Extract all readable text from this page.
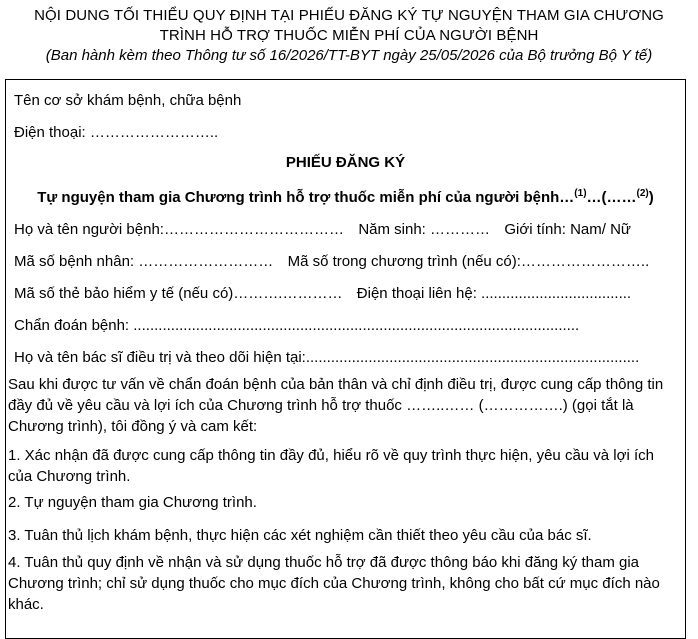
NỘI DUNG TỐI THIỂU QUY ĐỊNH TẠI PHIẾU ĐĂNG KÝ TỰ NGUYỆN THAM GIA CHƯƠNG
TRÌNH HỖ TRỢ THUỐC MIỄN PHÍ CỦA NGƯỜI BỆNH
(Ban hành kèm theo Thông tư số 16/2026/TT-BYT ngày 25/05/2026 của Bộ trưởng Bộ Y tế)
Tên cơ sở khám bệnh, chữa bệnh
Điện thoại: ……………………..
PHIẾU ĐĂNG KÝ
Tự nguyện tham gia Chương trình hỗ trợ thuốc miễn phí của người bệnh…$^{(1)}$…(……$^{(2)}$)
Họ và tên người bệnh:……………………………… Năm sinh: ………… Giới tính: Nam/ Nữ
Mã số bệnh nhân: ……………………… Mã số trong chương trình (nếu có):……………………..
Mã số thẻ bảo hiểm y tế (nếu có)……….………… Điện thoại liên hệ: ....................................
Chẩn đoán bệnh: ...........................................................................................................
Họ và tên bác sĩ điều trị và theo dõi hiện tại:................................................................................
Sau khi được tư vấn về chẩn đoán bệnh của bản thân và chỉ định điều trị, được cung cấp thông tin đầy đủ về yêu cầu và lợi ích của Chương trình hỗ trợ thuốc ……..…… (…………….) (gọi tắt là Chương trình), tôi đồng ý và cam kết:
1. Xác nhận đã được cung cấp thông tin đầy đủ, hiểu rõ về quy trình thực hiện, yêu cầu và lợi ích của Chương trình.
2. Tự nguyện tham gia Chương trình.
3. Tuân thủ lịch khám bệnh, thực hiện các xét nghiệm cần thiết theo yêu cầu của bác sĩ.
4. Tuân thủ quy định về nhận và sử dụng thuốc hỗ trợ đã được thông báo khi đăng ký tham gia Chương trình; chỉ sử dụng thuốc cho mục đích của Chương trình, không cho bất cứ mục đích nào khác.
